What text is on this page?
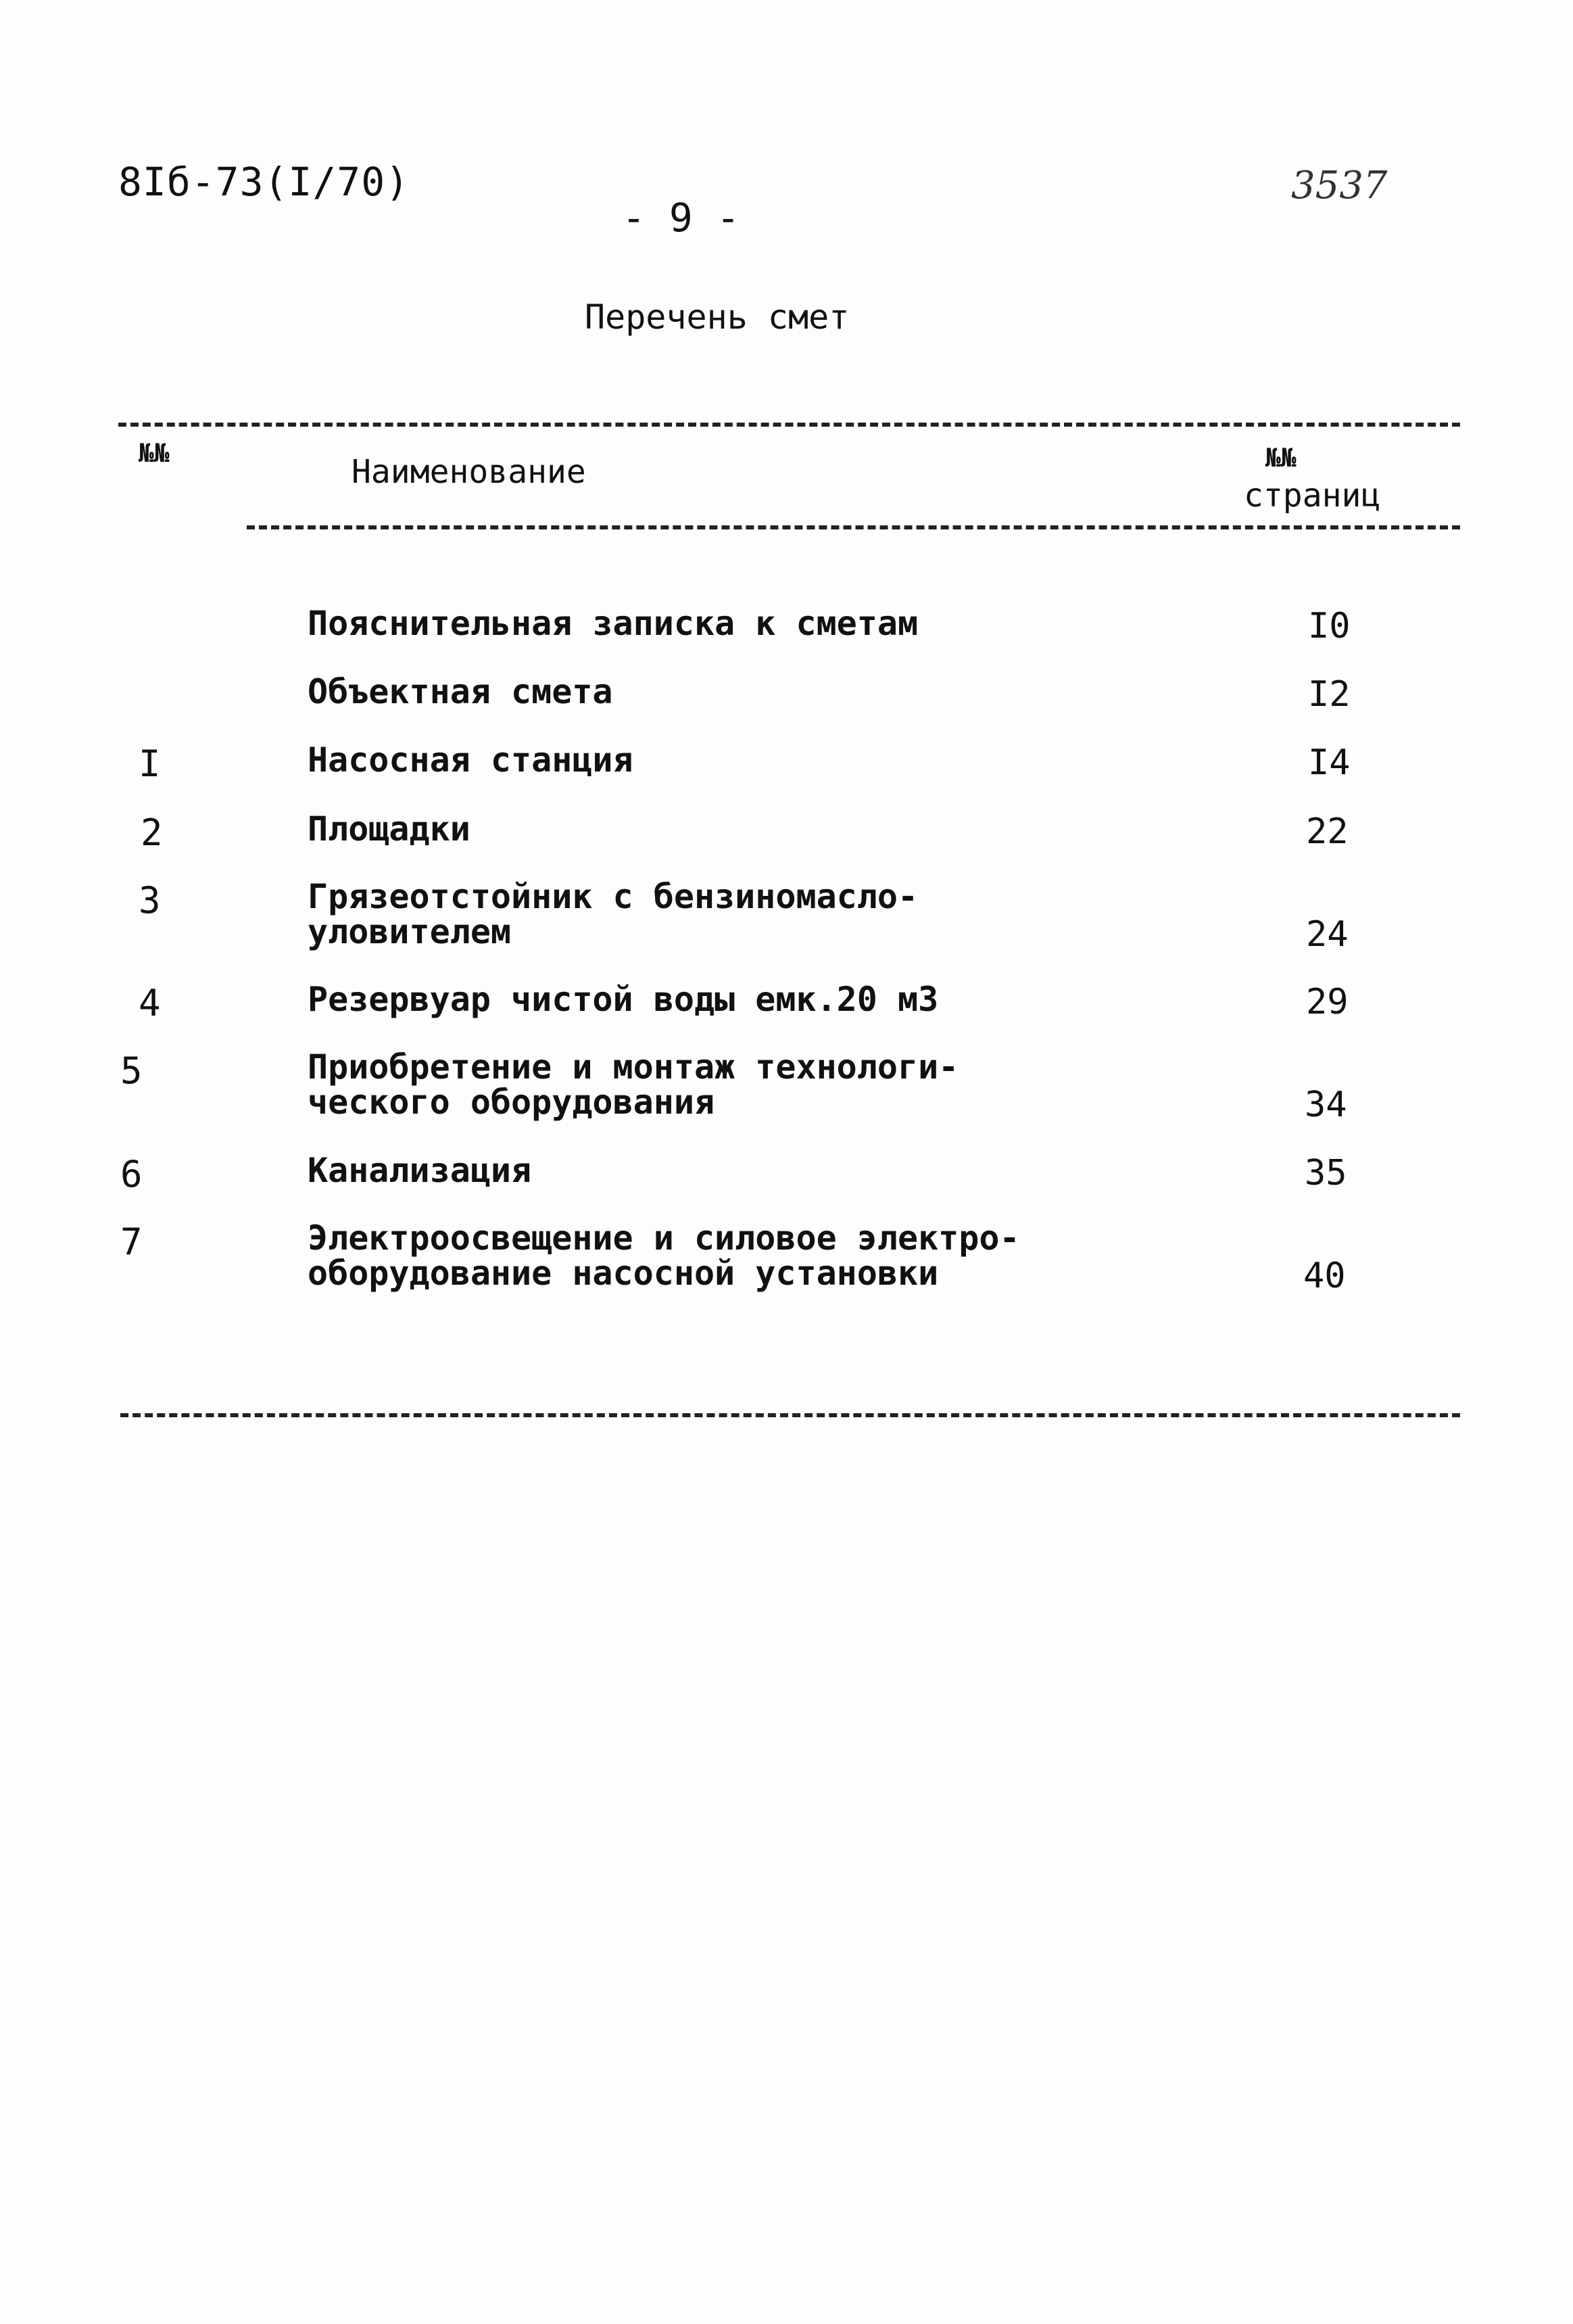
8Iб-73(I/70)	3537
- 9 -
Перечень смет
№№	Наименование	№№
страниц
Пояснительная записка к сметам	I0
Объектная смета	I2
I	Насосная станция	I4
2	Площадки	22
3	Грязеотстойник с бензиномасло-
уловителем	24
4	Резервуар чистой воды емк.20 м3	29
5	Приобретение и монтаж технологи-
ческого оборудования	34
6	Канализация	35
7	Электроосвещение и силовое электро-
оборудование насосной установки	40
